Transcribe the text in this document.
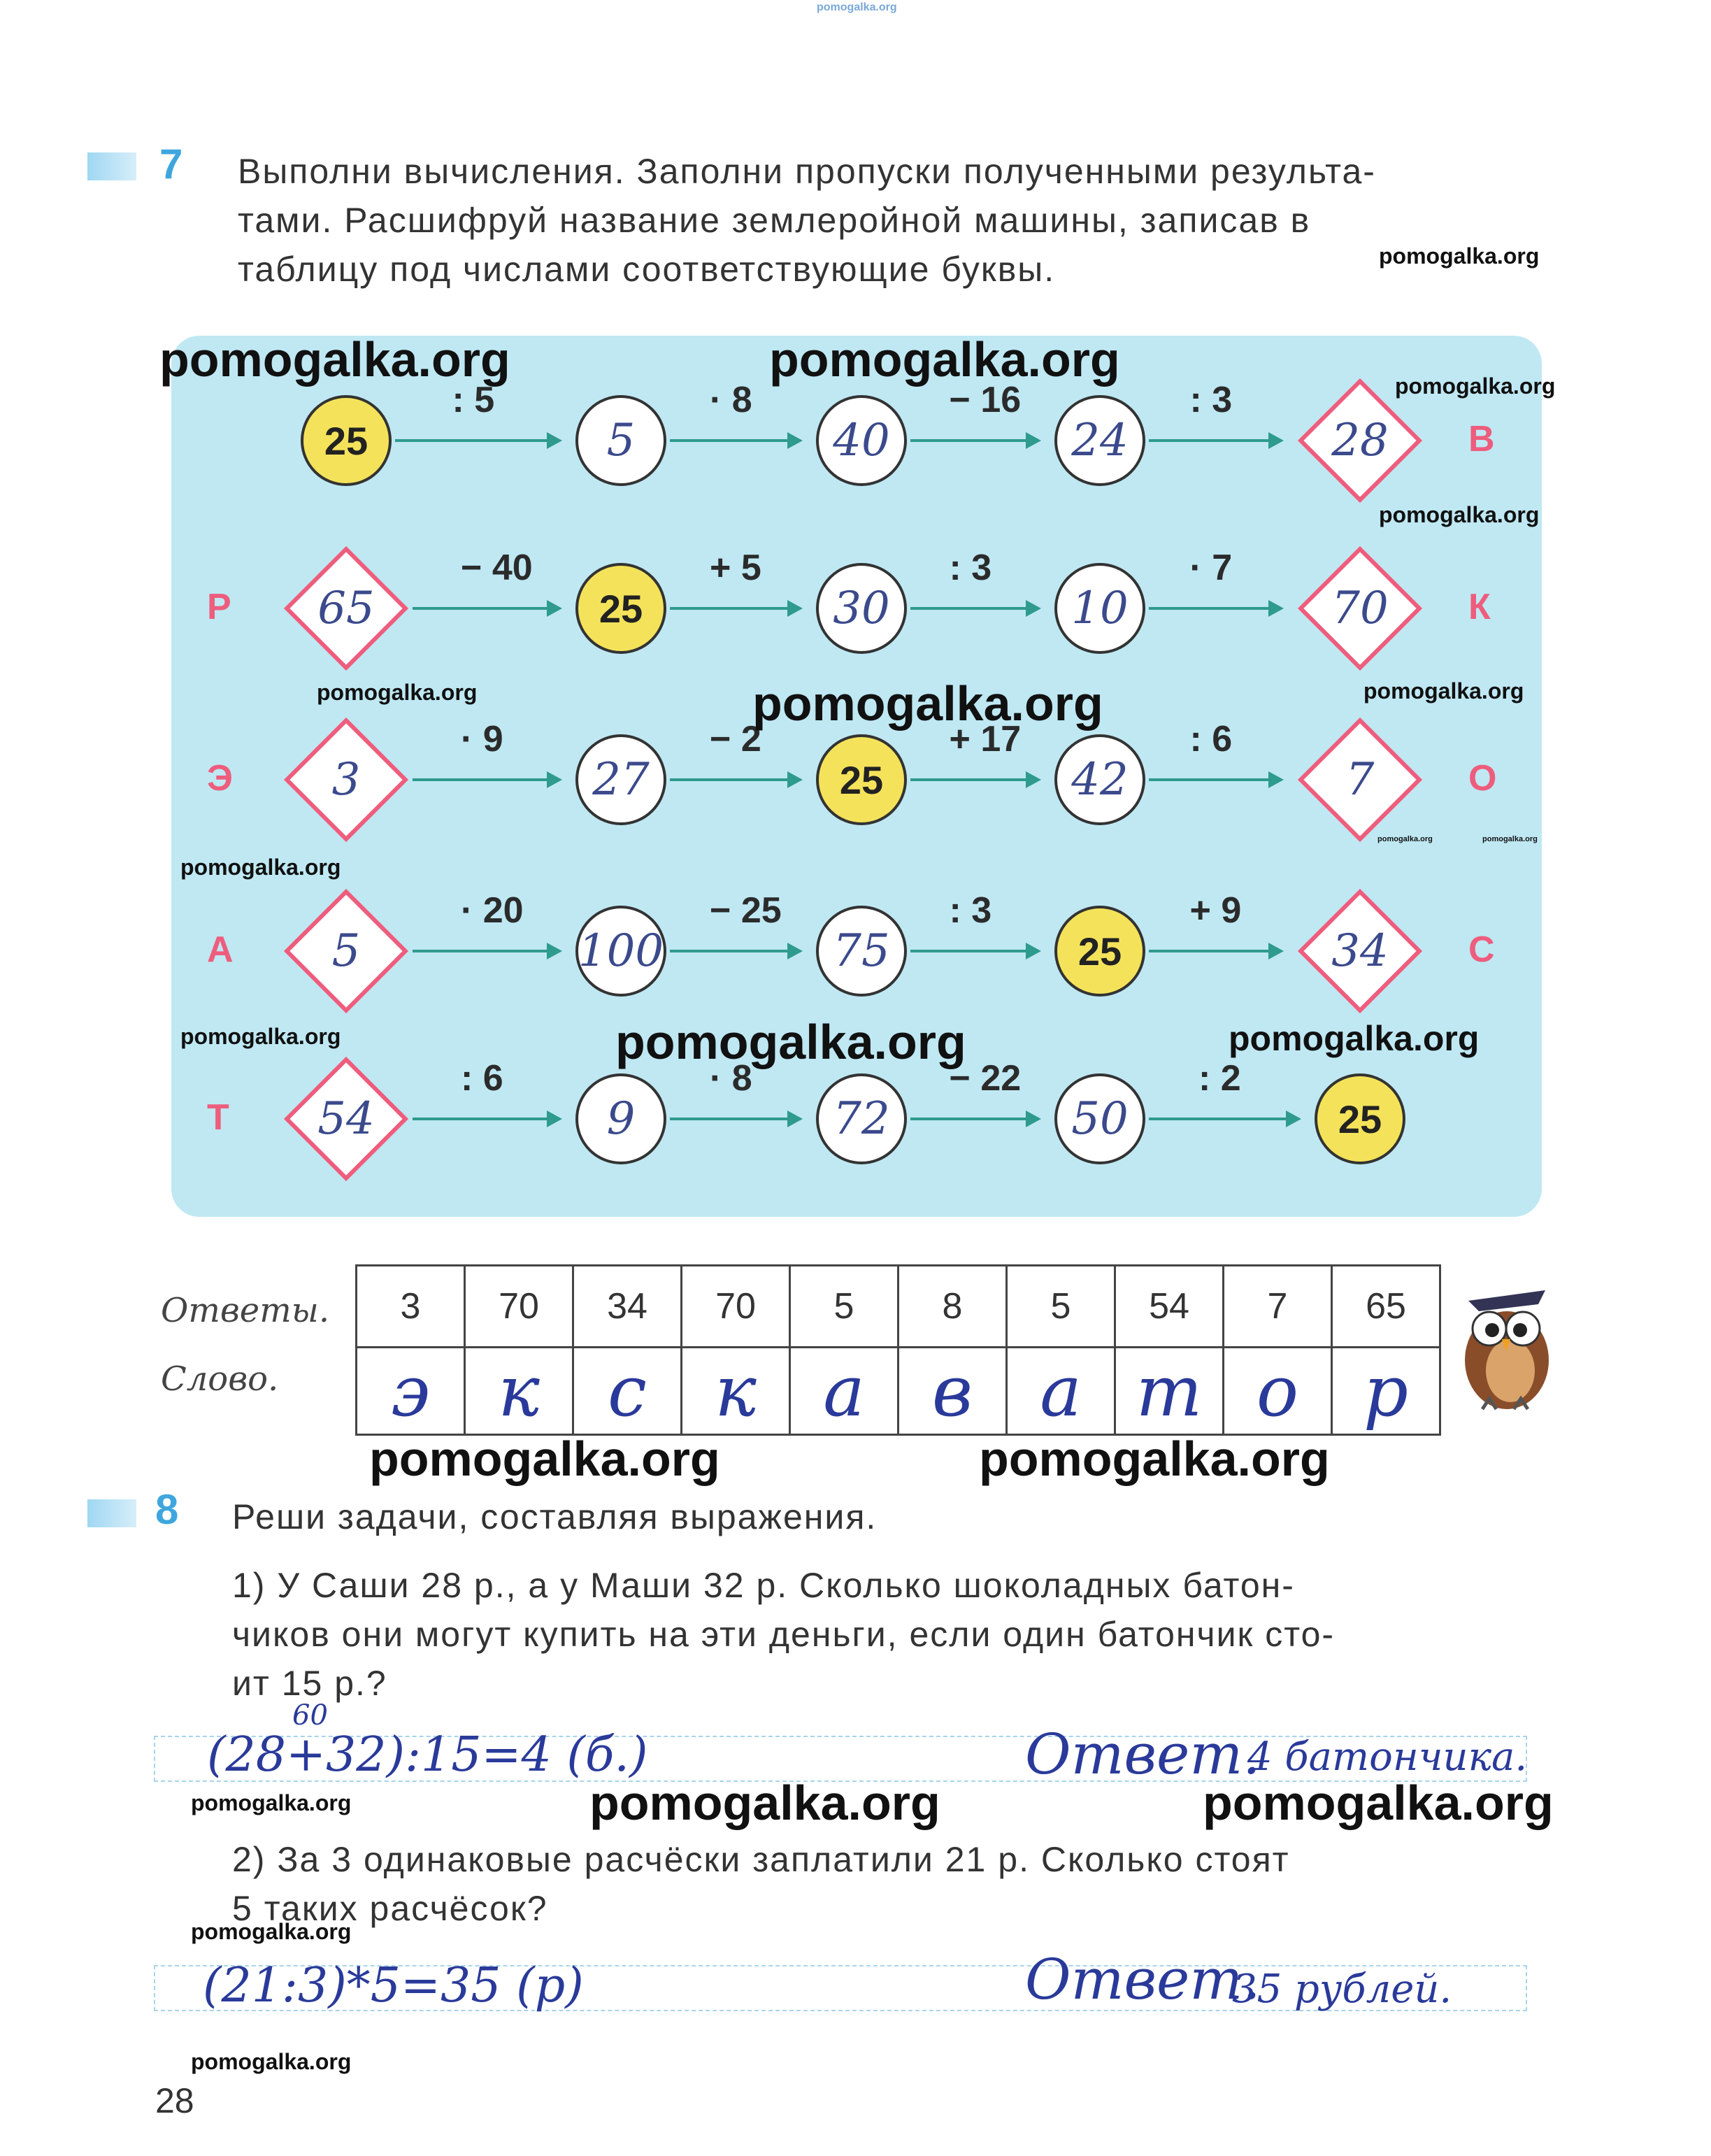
pomogalka.org
7 Выполни вычисления. Заполни пропуски полученными результа-
тами. Расшифруй название землеройной машины, записав в
таблицу под числами соответствующие буквы.	pomogalka.org
: 5	· 8	− 16	: 3
25	5	40	24	28	В
− 40	+ 5	: 3	· 7
65	25	30	10	70
Р	К
· 9	− 2	+ 17	: 6
3	27	25	42	7
Э	О
· 20	− 25	: 3	+ 9
5	100	75	25	34
А	С
: 6	· 8	− 22	: 2
54	9	72	50	25
Т
pomogalka.org	pomogalka.org	pomogalka.org
pomogalka.org
pomogalka.org	pomogalka.org	pomogalka.org
pomogalka.org	pomogalka.org
pomogalka.org
pomogalka.org	pomogalka.org	pomogalka.org
Ответы.
Слово.
3	70	34	70	5	8	5	54	7	65
э	к	с	к	а	в	а	т	о	р
pomogalka.org	pomogalka.org
8 Реши задачи, составляя выражения.
1) У Саши 28 р., а у Маши 32 р. Сколько шоколадных батон-
чиков они могут купить на эти деньги, если один батончик сто-
ит 15 р.?
60
(28+32):15=4 (б.)	Ответ.
4 батончика.
pomogalka.org	pomogalka.org	pomogalka.org
2) За 3 одинаковые расчёски заплатили 21 р. Сколько стоят
5 таких расчёсок?
pomogalka.org
(21:3)*5=35 (р)	Ответ.
35 рублей.
pomogalka.org
28
